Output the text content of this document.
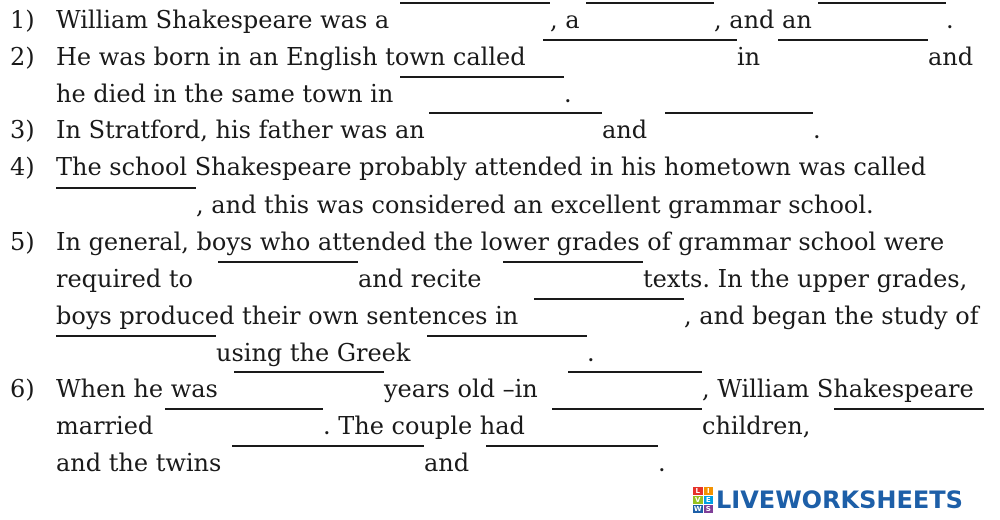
1) William Shakespeare was a	, a	, and an	.
2) He was born in an English town called	in	and
he died in the same town in	.
3) In Stratford, his father was an	and	.
4) The school Shakespeare probably attended in his hometown was called
, and this was considered an excellent grammar school.
5) In general, boys who attended the lower grades of grammar school were
required to	and recite	texts. In the upper grades,
boys produced their own sentences in	, and began the study of
using the Greek	.
6) When he was	years old –in	, William Shakespeare
married	. The couple had	children,
and the twins	and	.
L I
V E
W S LIVEWORKSHEETS
